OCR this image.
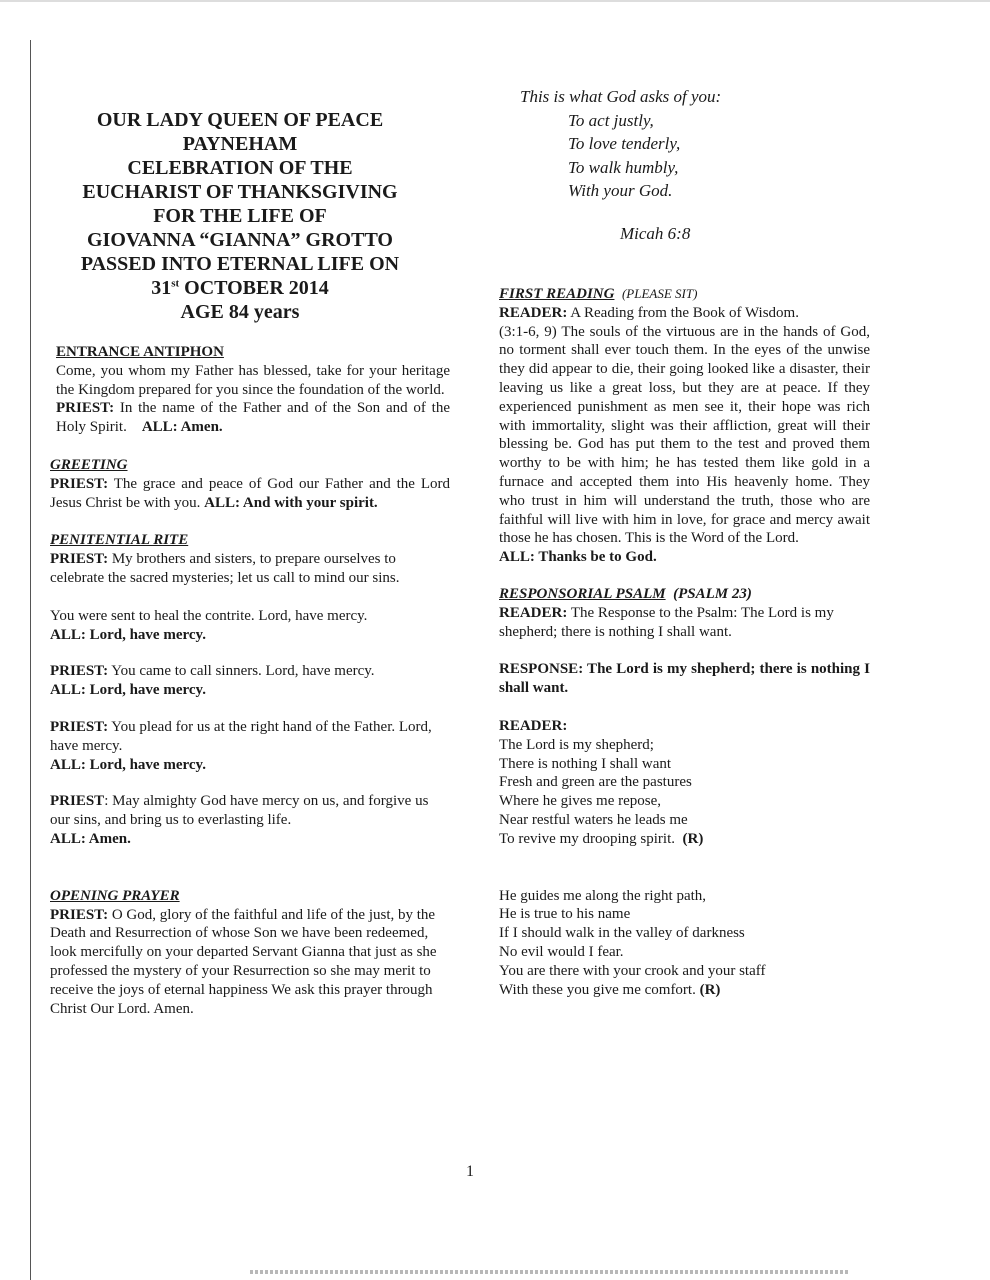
OUR LADY QUEEN OF PEACE

PAYNEHAM

CELEBRATION OF THE

EUCHARIST OF THANKSGIVING

FOR THE LIFE OF

GIOVANNA “GIANNA” GROTTO

PASSED INTO ETERNAL LIFE ON

31st OCTOBER 2014

AGE 84 years

This is what God asks of you:

To act justly,

To love tenderly,

To walk humbly,

With your God.

Micah 6:8

ENTRANCE ANTIPHON

Come, you whom my Father has blessed, take for your heritage the Kingdom prepared for you since the foundation of the world.

PRIEST: In the name of the Father and of the Son and of the Holy Spirit. ALL: Amen.

GREETING

PRIEST: The grace and peace of God our Father and the Lord Jesus Christ be with you. ALL: And with your spirit.

PENITENTIAL RITE

PRIEST: My brothers and sisters, to prepare ourselves to celebrate the sacred mysteries; let us call to mind our sins.

You were sent to heal the contrite. Lord, have mercy.

ALL: Lord, have mercy.

PRIEST: You came to call sinners. Lord, have mercy.

ALL: Lord, have mercy.

PRIEST: You plead for us at the right hand of the Father. Lord, have mercy.

ALL: Lord, have mercy.

PRIEST: May almighty God have mercy on us, and forgive us our sins, and bring us to everlasting life.

ALL: Amen.

OPENING PRAYER

PRIEST: O God, glory of the faithful and life of the just, by the Death and Resurrection of whose Son we have been redeemed, look mercifully on your departed Servant Gianna that just as she professed the mystery of your Resurrection so she may merit to receive the joys of eternal happiness We ask this prayer through Christ Our Lord. Amen.

FIRST READING (PLEASE SIT)

READER: A Reading from the Book of Wisdom.

(3:1-6, 9) The souls of the virtuous are in the hands of God, no torment shall ever touch them. In the eyes of the unwise they did appear to die, their going looked like a disaster, their leaving us like a great loss, but they are at peace. If they experienced punishment as men see it, their hope was rich with immortality, slight was their affliction, great will their blessing be. God has put them to the test and proved them worthy to be with him; he has tested them like gold in a furnace and accepted them into His heavenly home. They who trust in him will understand the truth, those who are faithful will live with him in love, for grace and mercy await those he has chosen. This is the Word of the Lord.

ALL: Thanks be to God.

RESPONSORIAL PSALM (PSALM 23)

READER: The Response to the Psalm: The Lord is my shepherd; there is nothing I shall want.

RESPONSE: The Lord is my shepherd; there is nothing I shall want.

READER:

The Lord is my shepherd;

There is nothing I shall want

Fresh and green are the pastures

Where he gives me repose,

Near restful waters he leads me

To revive my drooping spirit. (R)

He guides me along the right path,

He is true to his name

If I should walk in the valley of darkness

No evil would I fear.

You are there with your crook and your staff

With these you give me comfort. (R)

1
